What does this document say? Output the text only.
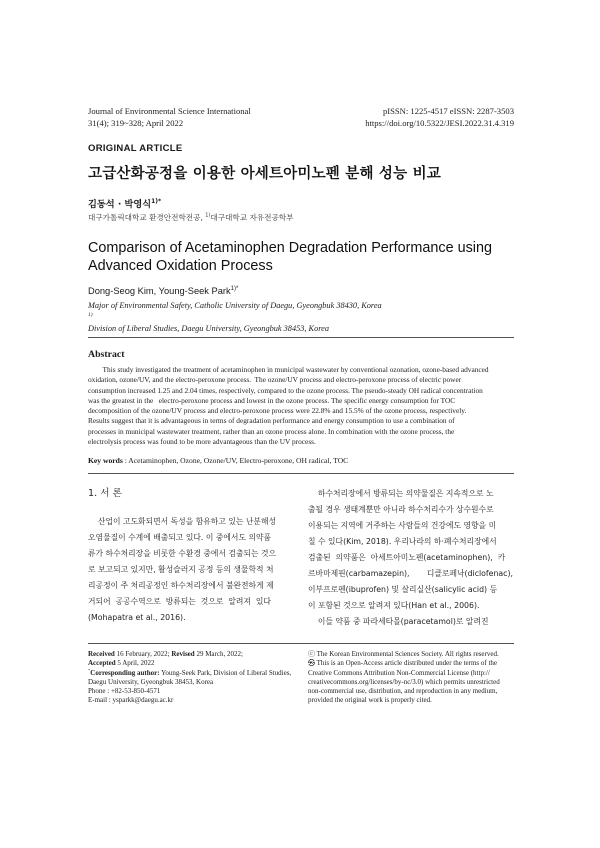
Journal of Environmental Science International
31(4); 319~328; April 2022
pISSN: 1225-4517 eISSN: 2287-3503
https://doi.org/10.5322/JESI.2022.31.4.319
ORIGINAL ARTICLE
고급산화공정을 이용한 아세트아미노펜 분해 성능 비교
김동석 · 박영식$^{1)*}$
대구가톨릭대학교 환경안전학전공, $^{1)}$대구대학교 자유전공학부
Comparison of Acetaminophen Degradation Performance using
Advanced Oxidation Process
Dong-Seog Kim, Young-Seek Park$^{1)*}$
Major of Environmental Safety, Catholic University of Daegu, Gyeongbuk 38430, Korea
$^{1)}$
Division of Liberal Studies, Daegu University, Gyeongbuk 38453, Korea
Abstract
This study investigated the treatment of acetaminophen in municipal wastewater by conventional ozonation, ozone-based advanced
oxidation, ozone/UV, and the electro-peroxone process.  The ozone/UV process and electro-peroxone process of electric power
consumption increased 1.25 and 2.04 times, respectively, compared to the ozone process. The pseudo-steady OH radical concentration
was the greatest in the   electro-peroxone process and lowest in the ozone process. The specific energy consumption for TOC
decomposition of the ozone/UV process and electro-peroxone process were 22.8% and 15.5% of the ozone process, respectively.
Results suggest that it is advantageous in terms of degradation performance and energy consumption to use a combination of
processes in municipal wastewater treatment, rather than an ozone process alone. In combination with the ozone process, the
electrolysis process was found to be more advantageous than the UV process.
Key words : Acetaminophen, Ozone, Ozone/UV, Electro-peroxone, OH radical, TOC
1. 서 론
산업이 고도화되면서 독성을 함유하고 있는 난분해성
오염물질이 수계에 배출되고 있다. 이 중에서도 의약품
류가 하수처리장을 비롯한 수환경 중에서 검출되는 것으
로 보고되고 있지만, 활성슬러지 공정 등의 생물학적 처
리공정이 주 처리공정인 하수처리장에서 불완전하게 제
거되어  공공수역으로  방류되는  것으로  알려져  있다
(Mohapatra et al., 2016).
하수처리장에서 방류되는 의약물질은 지속적으로 노
출될 경우 생태계뿐만 아니라 하수처리수가 상수원수로
이용되는 지역에 거주하는 사람들의 건강에도 영향을 미
칠 수 있다(Kim, 2018). 우리나라의 하·폐수처리장에서
검출된  의약품은  아세트아미노펜(acetaminophen),  카
르바마제핀(carbamazepin),       디클로페낙(diclofenac),
이부프로펜(ibuprofen) 및 살리실산(salicylic acid) 등
이 포함된 것으로 알려져 있다(Han et al., 2006).
이들 약품 중 파라세타몰(paracetamol)로 알려진
Received 16 February, 2022; Revised 29 March, 2022;
Accepted 5 April, 2022
*Corresponding author: Young-Seek Park, Division of Liberal Studies,
Daegu University, Gyeongbuk 38453, Korea
Phone : +82-53-850-4571
E-mail : ysparkk@daegu.ac.kr
ⓒ The Korean Environmental Sciences Society. All rights reserved.
㉿ This is an Open-Access article distributed under the terms of the
Creative Commons Attribution Non-Commercial License (http://
creativecommons.org/licenses/by-nc/3.0) which permits unrestricted
non-commercial use, distribution, and reproduction in any medium,
provided the original work is properly cited.
